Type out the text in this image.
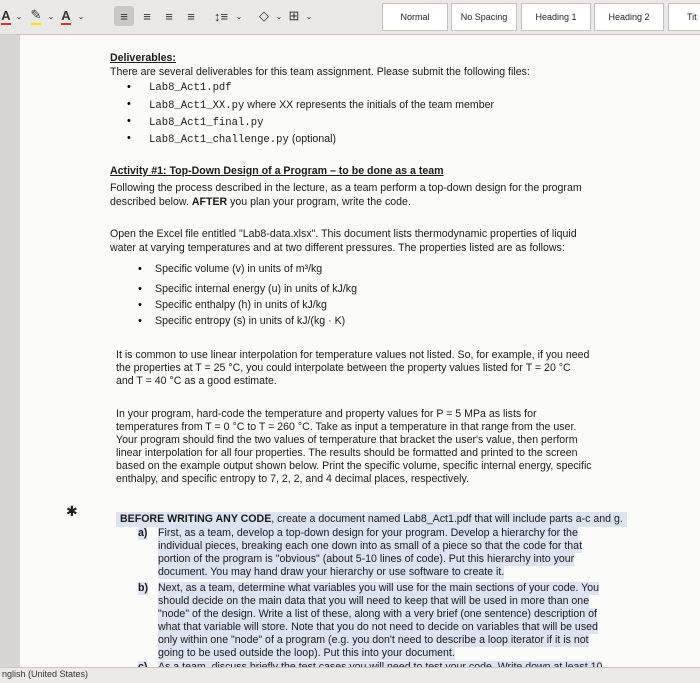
A ⌄ ✎ ⌄ A ⌄	≡	≡	≡	≡	↕≡ ⌄ ◇ ⌄ ⊞ ⌄	Normal	No Spacing	Heading 1	Heading 2	Tit
Deliverables:
There are several deliverables for this team assignment. Please submit the following files:
• Lab8_Act1.pdf
• Lab8_Act1_XX.py where XX represents the initials of the team member
• Lab8_Act1_final.py
• Lab8_Act1_challenge.py (optional)
Activity #1: Top-Down Design of a Program – to be done as a team
Following the process described in the lecture, as a team perform a top-down design for the program
described below. AFTER you plan your program, write the code.
Open the Excel file entitled "Lab8-data.xlsx". This document lists thermodynamic properties of liquid
water at varying temperatures and at two different pressures. The properties listed are as follows:
• Specific volume (v) in units of m³/kg
• Specific internal energy (u) in units of kJ/kg
• Specific enthalpy (h) in units of kJ/kg
• Specific entropy (s) in units of kJ/(kg · K)
It is common to use linear interpolation for temperature values not listed. So, for example, if you need
the properties at T = 25 °C, you could interpolate between the property values listed for T = 20 °C
and T = 40 °C as a good estimate.
In your program, hard-code the temperature and property values for P = 5 MPa as lists for
temperatures from T = 0 °C to T = 260 °C. Take as input a temperature in that range from the user.
Your program should find the two values of temperature that bracket the user's value, then perform
linear interpolation for all four properties. The results should be formatted and printed to the screen
based on the example output shown below. Print the specific volume, specific internal energy, specific
enthalpy, and specific entropy to 7, 2, 2, and 4 decimal places, respectively.
✱	BEFORE WRITING ANY CODE, create a document named Lab8_Act1.pdf that will include parts a-c and g.
a) First, as a team, develop a top-down design for your program. Develop a hierarchy for the
individual pieces, breaking each one down into as small of a piece so that the code for that
portion of the program is "obvious" (about 5-10 lines of code). Put this hierarchy into your
document. You may hand draw your hierarchy or use software to create it.
b) Next, as a team, determine what variables you will use for the main sections of your code. You
should decide on the main data that you will need to keep that will be used in more than one
"node" of the design. Write a list of these, along with a very brief (one sentence) description of
what that variable will store. Note that you do not need to decide on variables that will be used
only within one "node" of a program (e.g. you don't need to describe a loop iterator if it is not
going to be used outside the loop). Put this into your document.
nglish (United States)
